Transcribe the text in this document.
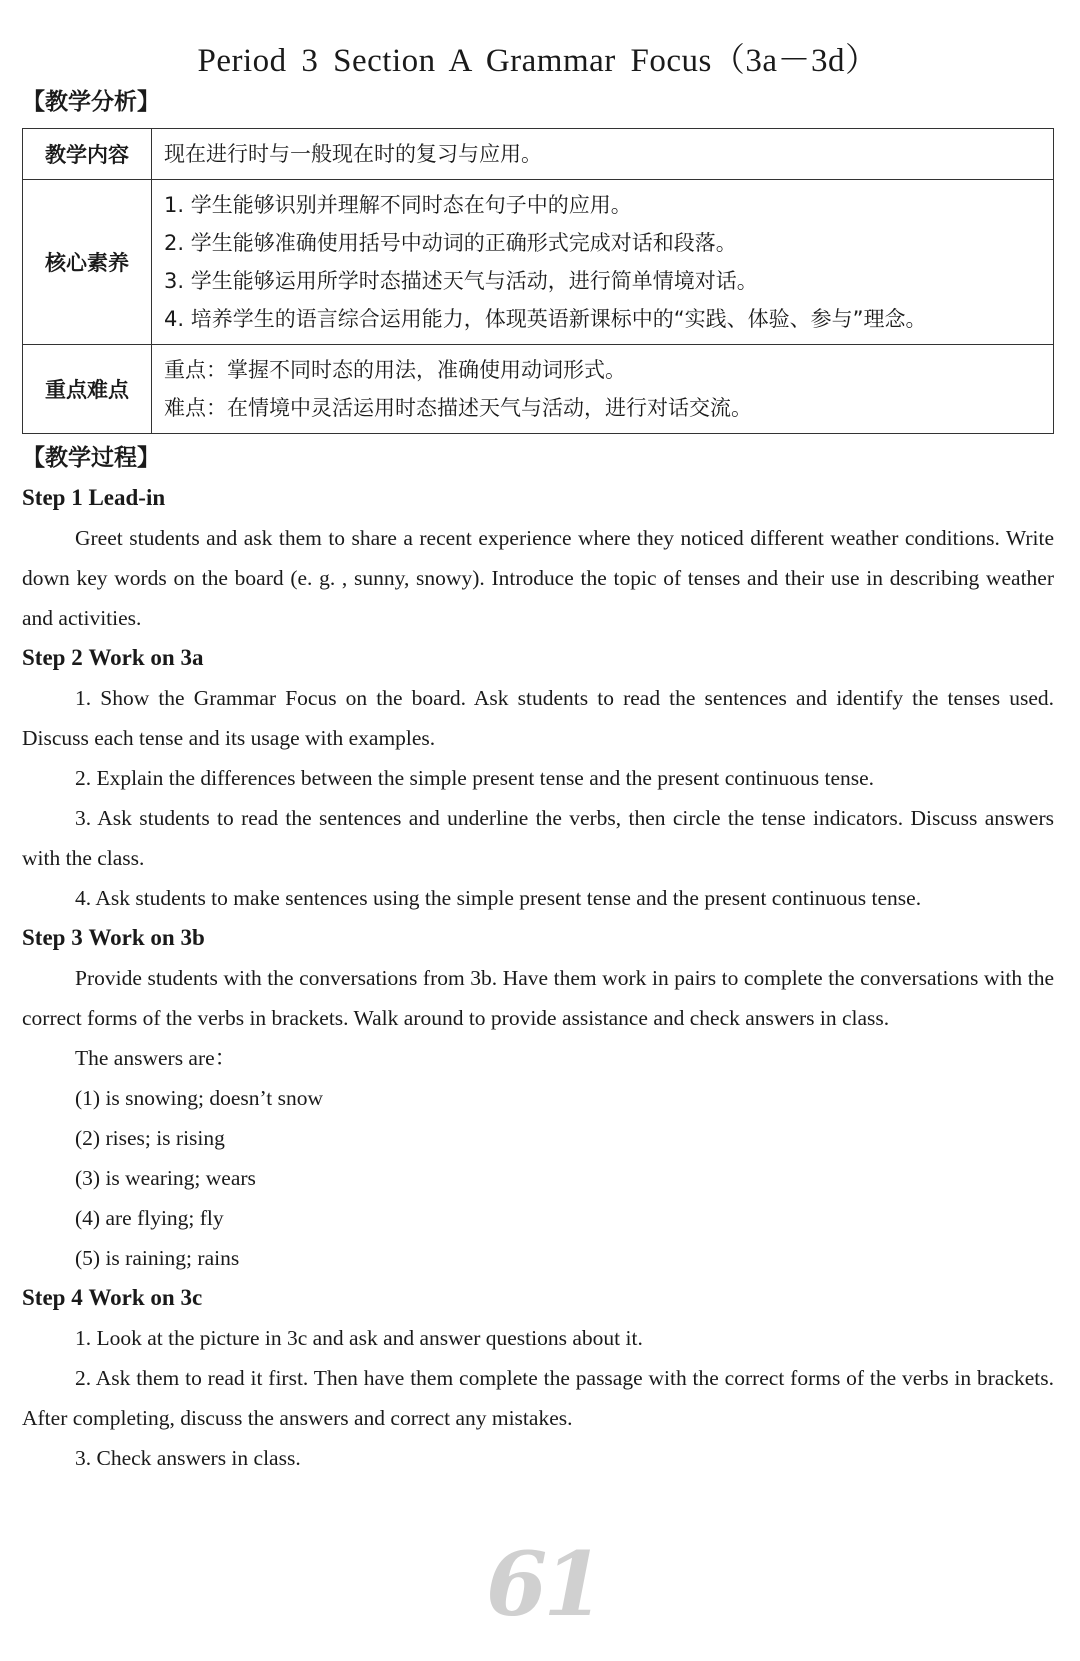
61
Period 3 Section A Grammar Focus（3a－3d）
【教学分析】
教学内容	现在进行时与一般现在时的复习与应用。

核心素养	1. 学生能够识别并理解不同时态在句子中的应用。
2. 学生能够准确使用括号中动词的正确形式完成对话和段落。
3. 学生能够运用所学时态描述天气与活动，进行简单情境对话。
4. 培养学生的语言综合运用能力，体现英语新课标中的“实践、体验、参与”理念。

重点难点	重点：掌握不同时态的用法，准确使用动词形式。
难点：在情境中灵活运用时态描述天气与活动，进行对话交流。
【教学过程】
Step 1 Lead-in
Greet students and ask them to share a recent experience where they noticed different weather conditions. Write down key words on the board (e. g. , sunny, snowy). Introduce the topic of tenses and their use in describing weather and activities.
Step 2 Work on 3a
1. Show the Grammar Focus on the board. Ask students to read the sentences and identify the tenses used. Discuss each tense and its usage with examples.
2. Explain the differences between the simple present tense and the present continuous tense.
3. Ask students to read the sentences and underline the verbs, then circle the tense indicators. Discuss answers with the class.
4. Ask students to make sentences using the simple present tense and the present continuous tense.
Step 3 Work on 3b
Provide students with the conversations from 3b. Have them work in pairs to complete the conversations with the correct forms of the verbs in brackets. Walk around to provide assistance and check answers in class.
The answers are：
(1) is snowing; doesn’t snow
(2) rises; is rising
(3) is wearing; wears
(4) are flying; fly
(5) is raining; rains
Step 4 Work on 3c
1. Look at the picture in 3c and ask and answer questions about it.
2. Ask them to read it first. Then have them complete the passage with the correct forms of the verbs in brackets. After completing, discuss the answers and correct any mistakes.
3. Check answers in class.
